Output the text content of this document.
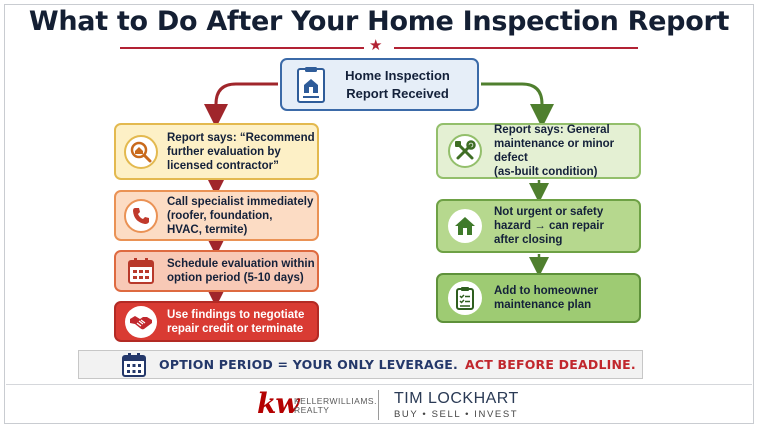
What to Do After Your Home Inspection Report
★
Home Inspection
Report Received
Report says: “Recommend
further evaluation by
licensed contractor”
Call specialist immediately
(roofer, foundation,
HVAC, termite)
Schedule evaluation within
option period (5-10 days)
Use findings to negotiate
repair credit or terminate
Report says: General
maintenance or minor defect
(as-built condition)
Not urgent or safety
hazard → can repair
after closing
Add to homeowner
maintenance plan
OPTION PERIOD = YOUR ONLY LEVERAGE. ACT BEFORE DEADLINE.
kw
KELLERWILLIAMS.
REALTY
TIM LOCKHART
BUY • SELL • INVEST
